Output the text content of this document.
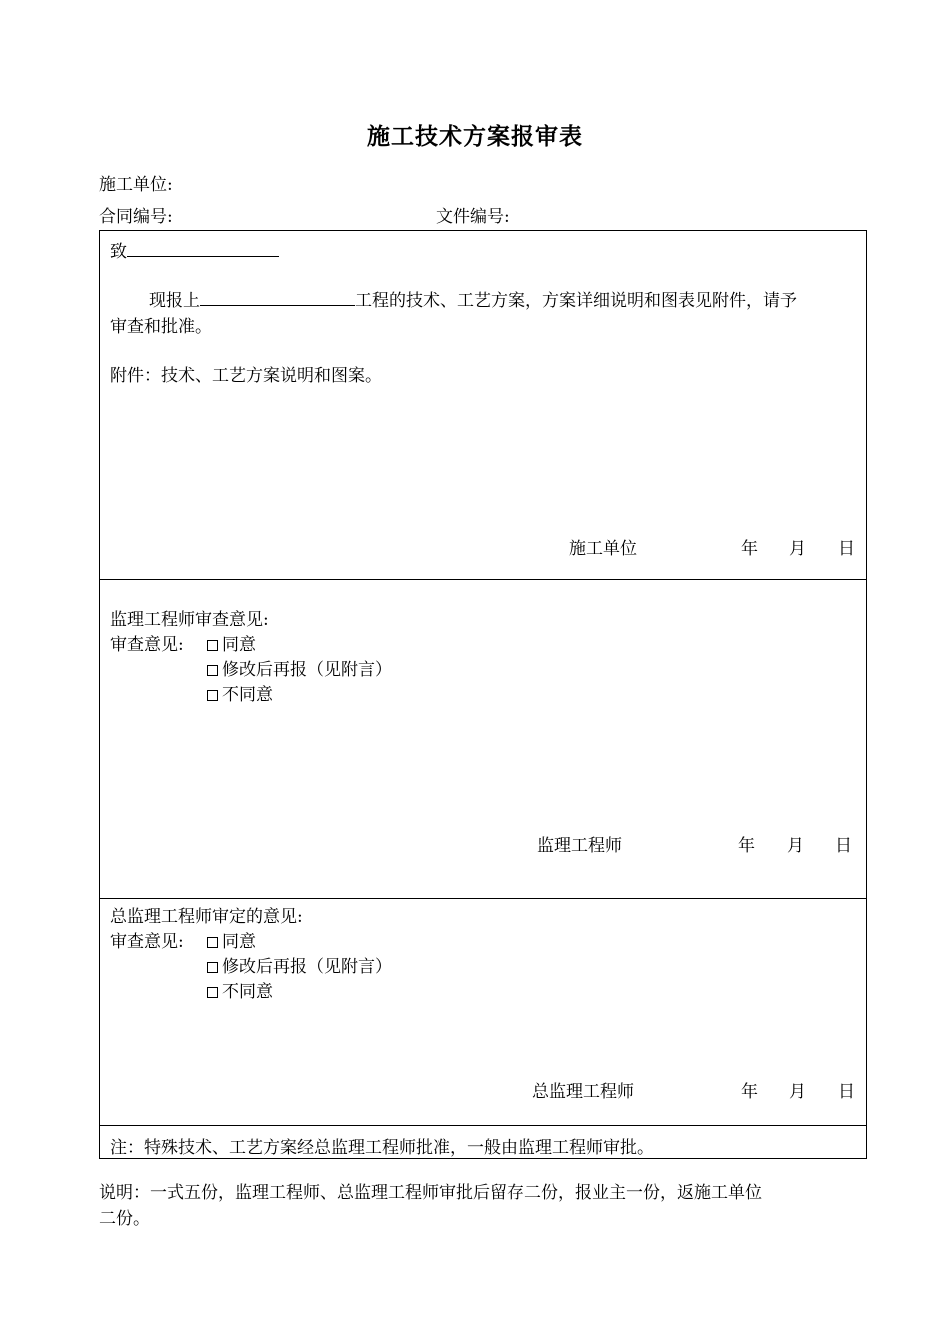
施工技术方案报审表
施工单位:
合同编号:	文件编号:
致
现报上	工程的技术、工艺方案，方案详细说明和图表见附件，请予
审查和批准。
附件：技术、工艺方案说明和图案。
施工单位	年 月 日
监理工程师审查意见:
审查意见:	同意
修改后再报（见附言）
不同意
监理工程师	年 月 日
总监理工程师审定的意见:
审查意见:	同意
修改后再报（见附言）
不同意
总监理工程师	年 月 日
注：特殊技术、工艺方案经总监理工程师批准，一般由监理工程师审批。
说明：一式五份，监理工程师、总监理工程师审批后留存二份，报业主一份，返施工单位
二份。
